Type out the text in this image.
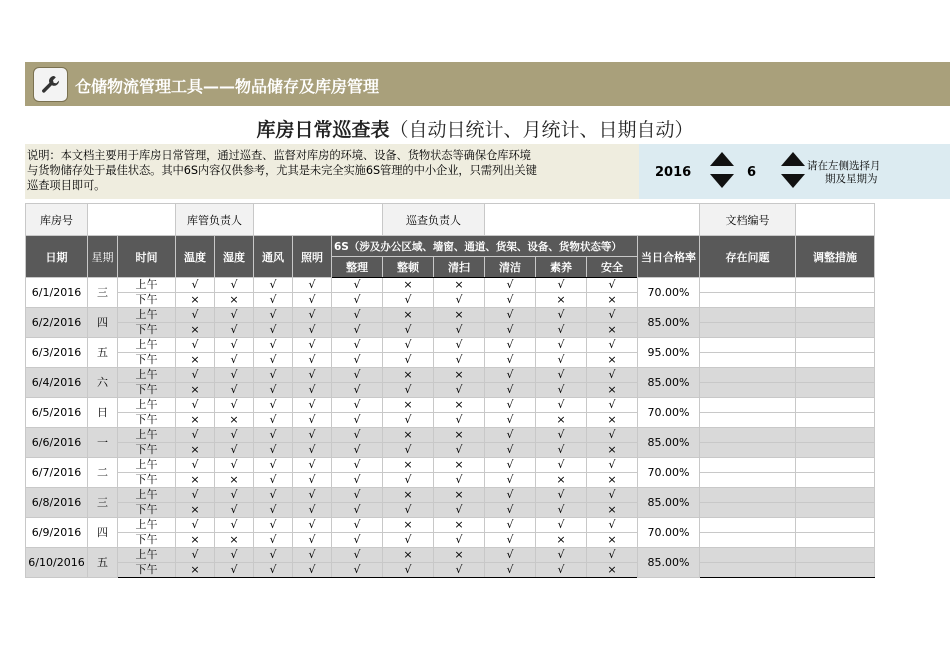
仓储物流管理工具——物品储存及库房管理
库房日常巡查表（自动日统计、月统计、日期自动）
说明：本文档主要用于库房日常管理，通过巡查、监督对库房的环境、设备、货物状态等确保仓库环境
与货物储存处于最佳状态。其中6S内容仅供参考，尤其是未完全实施6S管理的中小企业，只需列出关键
巡查项目即可。
2016	6	请在左侧选择月
期及星期为
库房号			库管负责人					巡查负责人						文档编号	
日期	星期	时间	温度	湿度	通风	照明	6S（涉及办公区域、墙窗、通道、货架、设备、货物状态等）						当日合格率	存在问题	调整措施
							整理	整顿	清扫	清洁	素养	安全			
6/1/2016	三	上午	√	√	√	√	√	×	×	√	√	√	70.00%		
		下午	×	×	√	√	√	√	√	√	×	×			
6/2/2016	四	上午	√	√	√	√	√	×	×	√	√	√	85.00%		
		下午	×	√	√	√	√	√	√	√	√	×			
6/3/2016	五	上午	√	√	√	√	√	√	√	√	√	√	95.00%		
		下午	×	√	√	√	√	√	√	√	√	×			
6/4/2016	六	上午	√	√	√	√	√	×	×	√	√	√	85.00%		
		下午	×	√	√	√	√	√	√	√	√	×			
6/5/2016	日	上午	√	√	√	√	√	×	×	√	√	√	70.00%		
		下午	×	×	√	√	√	√	√	√	×	×			
6/6/2016	一	上午	√	√	√	√	√	×	×	√	√	√	85.00%		
		下午	×	√	√	√	√	√	√	√	√	×			
6/7/2016	二	上午	√	√	√	√	√	×	×	√	√	√	70.00%		
		下午	×	×	√	√	√	√	√	√	×	×			
6/8/2016	三	上午	√	√	√	√	√	×	×	√	√	√	85.00%		
		下午	×	√	√	√	√	√	√	√	√	×			
6/9/2016	四	上午	√	√	√	√	√	×	×	√	√	√	70.00%		
		下午	×	×	√	√	√	√	√	√	×	×			
6/10/2016	五	上午	√	√	√	√	√	×	×	√	√	√	85.00%		
		下午	×	√	√	√	√	√	√	√	√	×			
